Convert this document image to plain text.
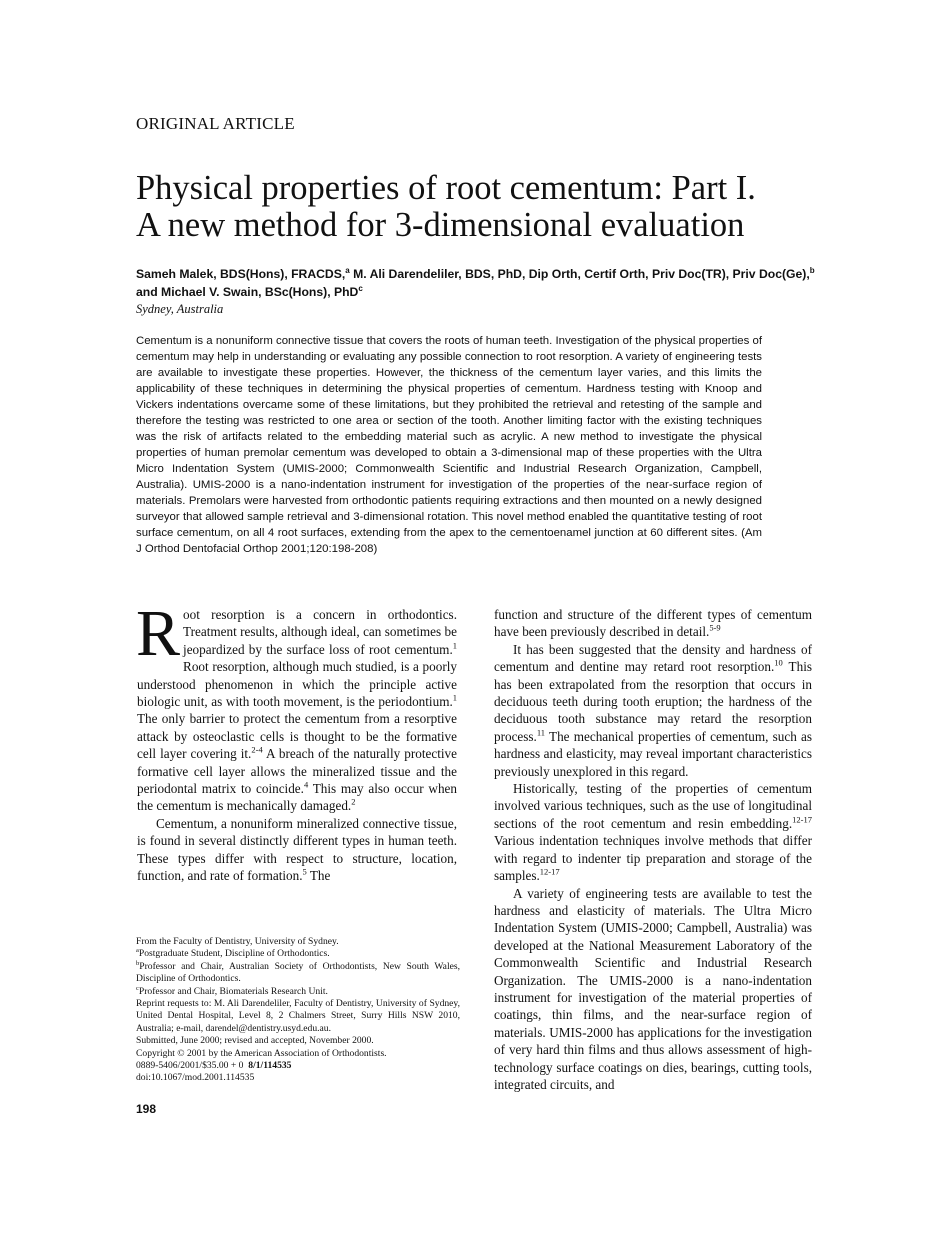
ORIGINAL ARTICLE
Physical properties of root cementum: Part I.
A new method for 3-dimensional evaluation
Sameh Malek, BDS(Hons), FRACDS,$^a$ M. Ali Darendeliler, BDS, PhD, Dip Orth, Certif Orth, Priv Doc(TR), Priv Doc(Ge),$^b$ and Michael V. Swain, BSc(Hons), PhD$^c$
Sydney, Australia

Cementum is a nonuniform connective tissue that covers the roots of human teeth. Investigation of the physical properties of cementum may help in understanding or evaluating any possible connection to root resorption. A variety of engineering tests are available to investigate these properties. However, the thickness of the cementum layer varies, and this limits the applicability of these techniques in determining the physical properties of cementum. Hardness testing with Knoop and Vickers indentations overcame some of these limitations, but they prohibited the retrieval and retesting of the sample and therefore the testing was restricted to one area or section of the tooth. Another limiting factor with the existing techniques was the risk of artifacts related to the embedding material such as acrylic. A new method to investigate the physical properties of human premolar cementum was developed to obtain a 3-dimensional map of these properties with the Ultra Micro Indentation System (UMIS-2000; Commonwealth Scientific and Industrial Research Organization, Campbell, Australia). UMIS-2000 is a nano-indentation instrument for investigation of the properties of the near-surface region of materials. Premolars were harvested from orthodontic patients requiring extractions and then mounted on a newly designed surveyor that allowed sample retrieval and 3-dimensional rotation. This novel method enabled the quantitative testing of root surface cementum, on all 4 root surfaces, extending from the apex to the cementoenamel junction at 60 different sites. (Am J Orthod Dentofacial Orthop 2001;120:198-208)

Root resorption is a concern in orthodontics. Treatment results, although ideal, can sometimes be jeopardized by the surface loss of root cementum.$^1$ Root resorption, although much studied, is a poorly understood phenomenon in which the principle active biologic unit, as with tooth movement, is the periodontium.$^1$ The only barrier to protect the cementum from a resorptive attack by osteoclastic cells is thought to be the formative cell layer covering it.$^{2-4}$ A breach of the naturally protective formative cell layer allows the mineralized tissue and the periodontal matrix to coincide.$^4$ This may also occur when the cementum is mechanically damaged.$^2$

Cementum, a nonuniform mineralized connective tissue, is found in several distinctly different types in human teeth. These types differ with respect to structure, location, function, and rate of formation.$^5$ The

function and structure of the different types of cementum have been previously described in detail.$^{5-9}$

It has been suggested that the density and hardness of cementum and dentine may retard root resorption.$^{10}$ This has been extrapolated from the resorption that occurs in deciduous teeth during tooth eruption; the hardness of the deciduous tooth substance may retard the resorption process.$^{11}$ The mechanical properties of cementum, such as hardness and elasticity, may reveal important characteristics previously unexplored in this regard.

Historically, testing of the properties of cementum involved various techniques, such as the use of longitudinal sections of the root cementum and resin embedding.$^{12-17}$ Various indentation techniques involve methods that differ with regard to indenter tip preparation and storage of the samples.$^{12-17}$

A variety of engineering tests are available to test the hardness and elasticity of materials. The Ultra Micro Indentation System (UMIS-2000; Campbell, Australia) was developed at the National Measurement Laboratory of the Commonwealth Scientific and Industrial Research Organization. The UMIS-2000 is a nano-indentation instrument for investigation of the material properties of coatings, thin films, and the near-surface region of materials. UMIS-2000 has applications for the investigation of very hard thin films and thus allows assessment of high-technology surface coatings on dies, bearings, cutting tools, integrated circuits, and

From the Faculty of Dentistry, University of Sydney.
$^a$Postgraduate Student, Discipline of Orthodontics.
$^b$Professor and Chair, Australian Society of Orthodontists, New South Wales, Discipline of Orthodontics.
$^c$Professor and Chair, Biomaterials Research Unit.
Reprint requests to: M. Ali Darendeliler, Faculty of Dentistry, University of Sydney, United Dental Hospital, Level 8, 2 Chalmers Street, Surry Hills NSW 2010, Australia; e-mail, darendel@dentistry.usyd.edu.au.
Submitted, June 2000; revised and accepted, November 2000.
Copyright © 2001 by the American Association of Orthodontists.
0889-5406/2001/$35.00 + 0  8/1/114535
doi:10.1067/mod.2001.114535
198
